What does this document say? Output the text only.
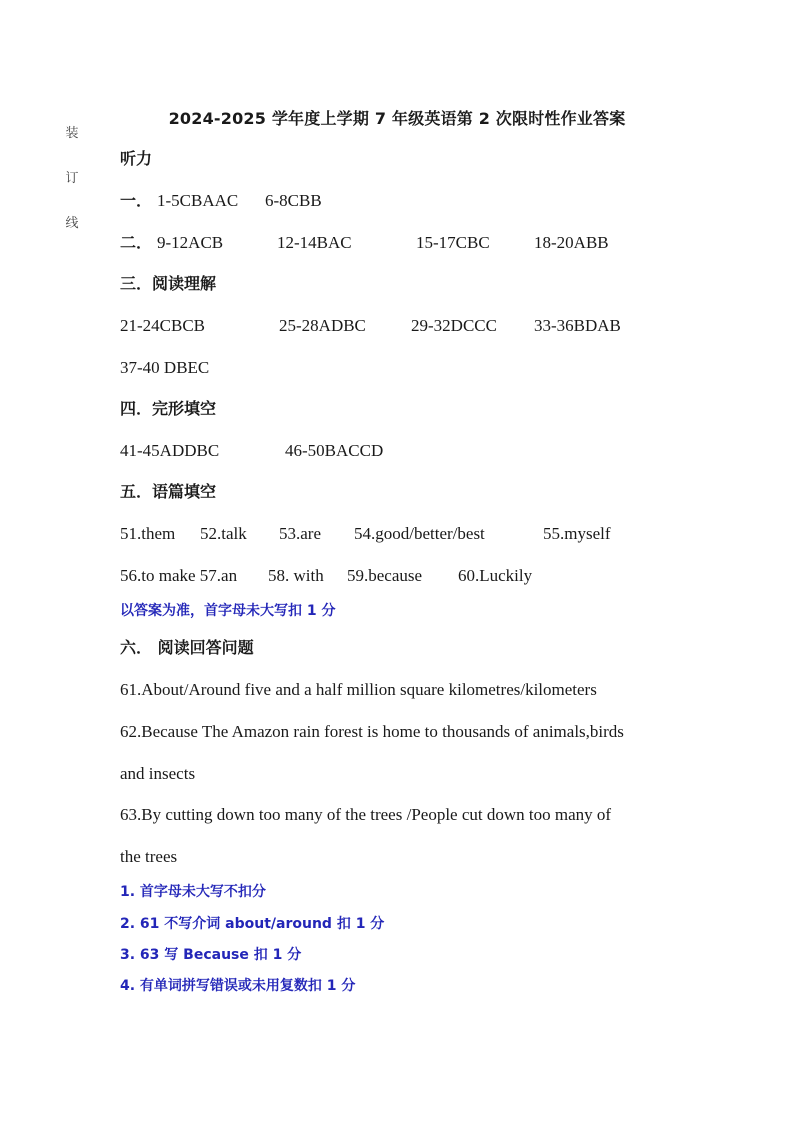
装
订
线
2024-2025 学年度上学期 7 年级英语第 2 次限时性作业答案
听力
一． 1-5CBAAC 6-8CBB
二． 9-12ACB	12-14BAC	15-17CBC	18-20ABB
三．阅读理解
21-24CBCB	25-28ADBC	29-32DCCC 33-36BDAB
37-40 DBEC
四．完形填空
41-45ADDBC	46-50BACCD
五．语篇填空
51.them 52.talk 53.are 54.good/better/best	55.myself
56.to make 57.an 58. with 59.because 60.Luckily
以答案为准，首字母未大写扣 1 分
六． 阅读回答问题
61.About/Around five and a half million square kilometres/kilometers
62.Because The Amazon rain forest is home to thousands of animals,birds
and insects
63.By cutting down too many of the trees /People cut down too many of
the trees
1. 首字母未大写不扣分
2. 61 不写介词 about/around 扣 1 分
3. 63 写 Because 扣 1 分
4. 有单词拼写错误或未用复数扣 1 分
